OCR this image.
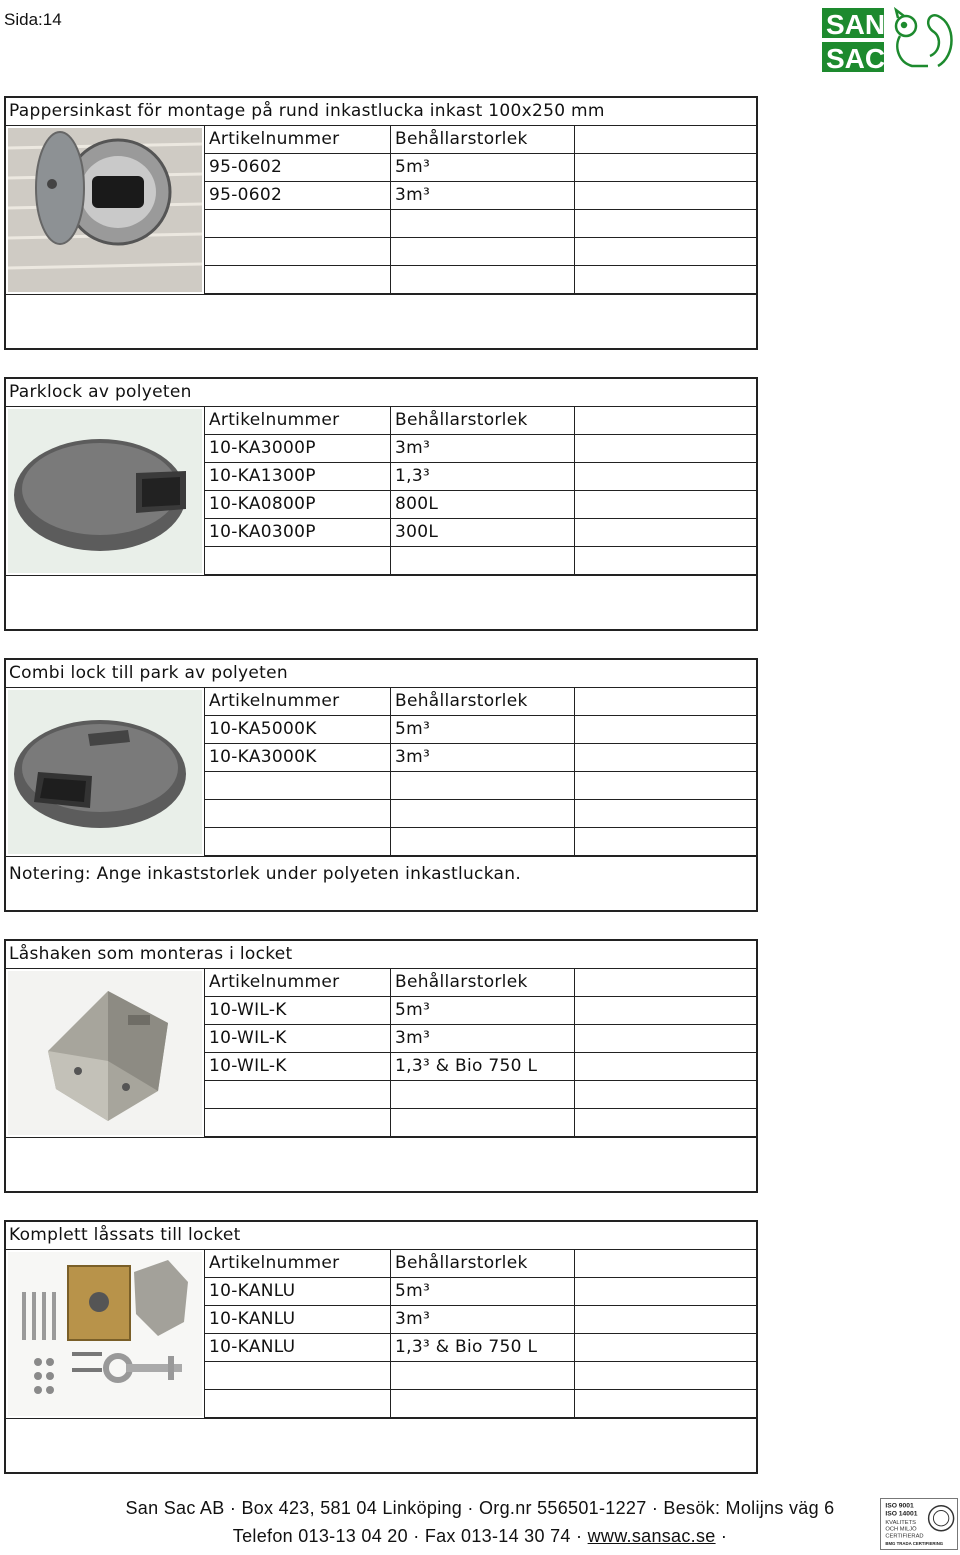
Sida:14	SAN
SAC
Pappersinkast för montage på rund inkastlucka inkast 100x250 mm
Artikelnummer	Behållarstorlek
95-0602	5m³
95-0602	3m³
Parklock av polyeten
Artikelnummer	Behållarstorlek
10-KA3000P	3m³
10-KA1300P	1,3³
10-KA0800P	800L
10-KA0300P	300L
Combi lock till park av polyeten
Artikelnummer	Behållarstorlek
10-KA5000K	5m³
10-KA3000K	3m³
Notering: Ange inkaststorlek under polyeten inkastluckan.
Låshaken som monteras i locket
Artikelnummer	Behållarstorlek
10-WIL-K	5m³
10-WIL-K	3m³
10-WIL-K	1,3³ & Bio 750 L
Komplett låssats till locket
Artikelnummer	Behållarstorlek
10-KANLU	5m³
10-KANLU	3m³
10-KANLU	1,3³ & Bio 750 L
San Sac AB · Box 423, 581 04 Linköping · Org.nr 556501-1227 · Besök: Molijns väg 6
Telefon 013-13 04 20 · Fax 013-14 30 74 · www.sansac.se ·
ISO 9001
ISO 14001
KVALITETS
OCH MILJÖ
CERTIFIERAD
BMG TRADA CERTIFIERING
